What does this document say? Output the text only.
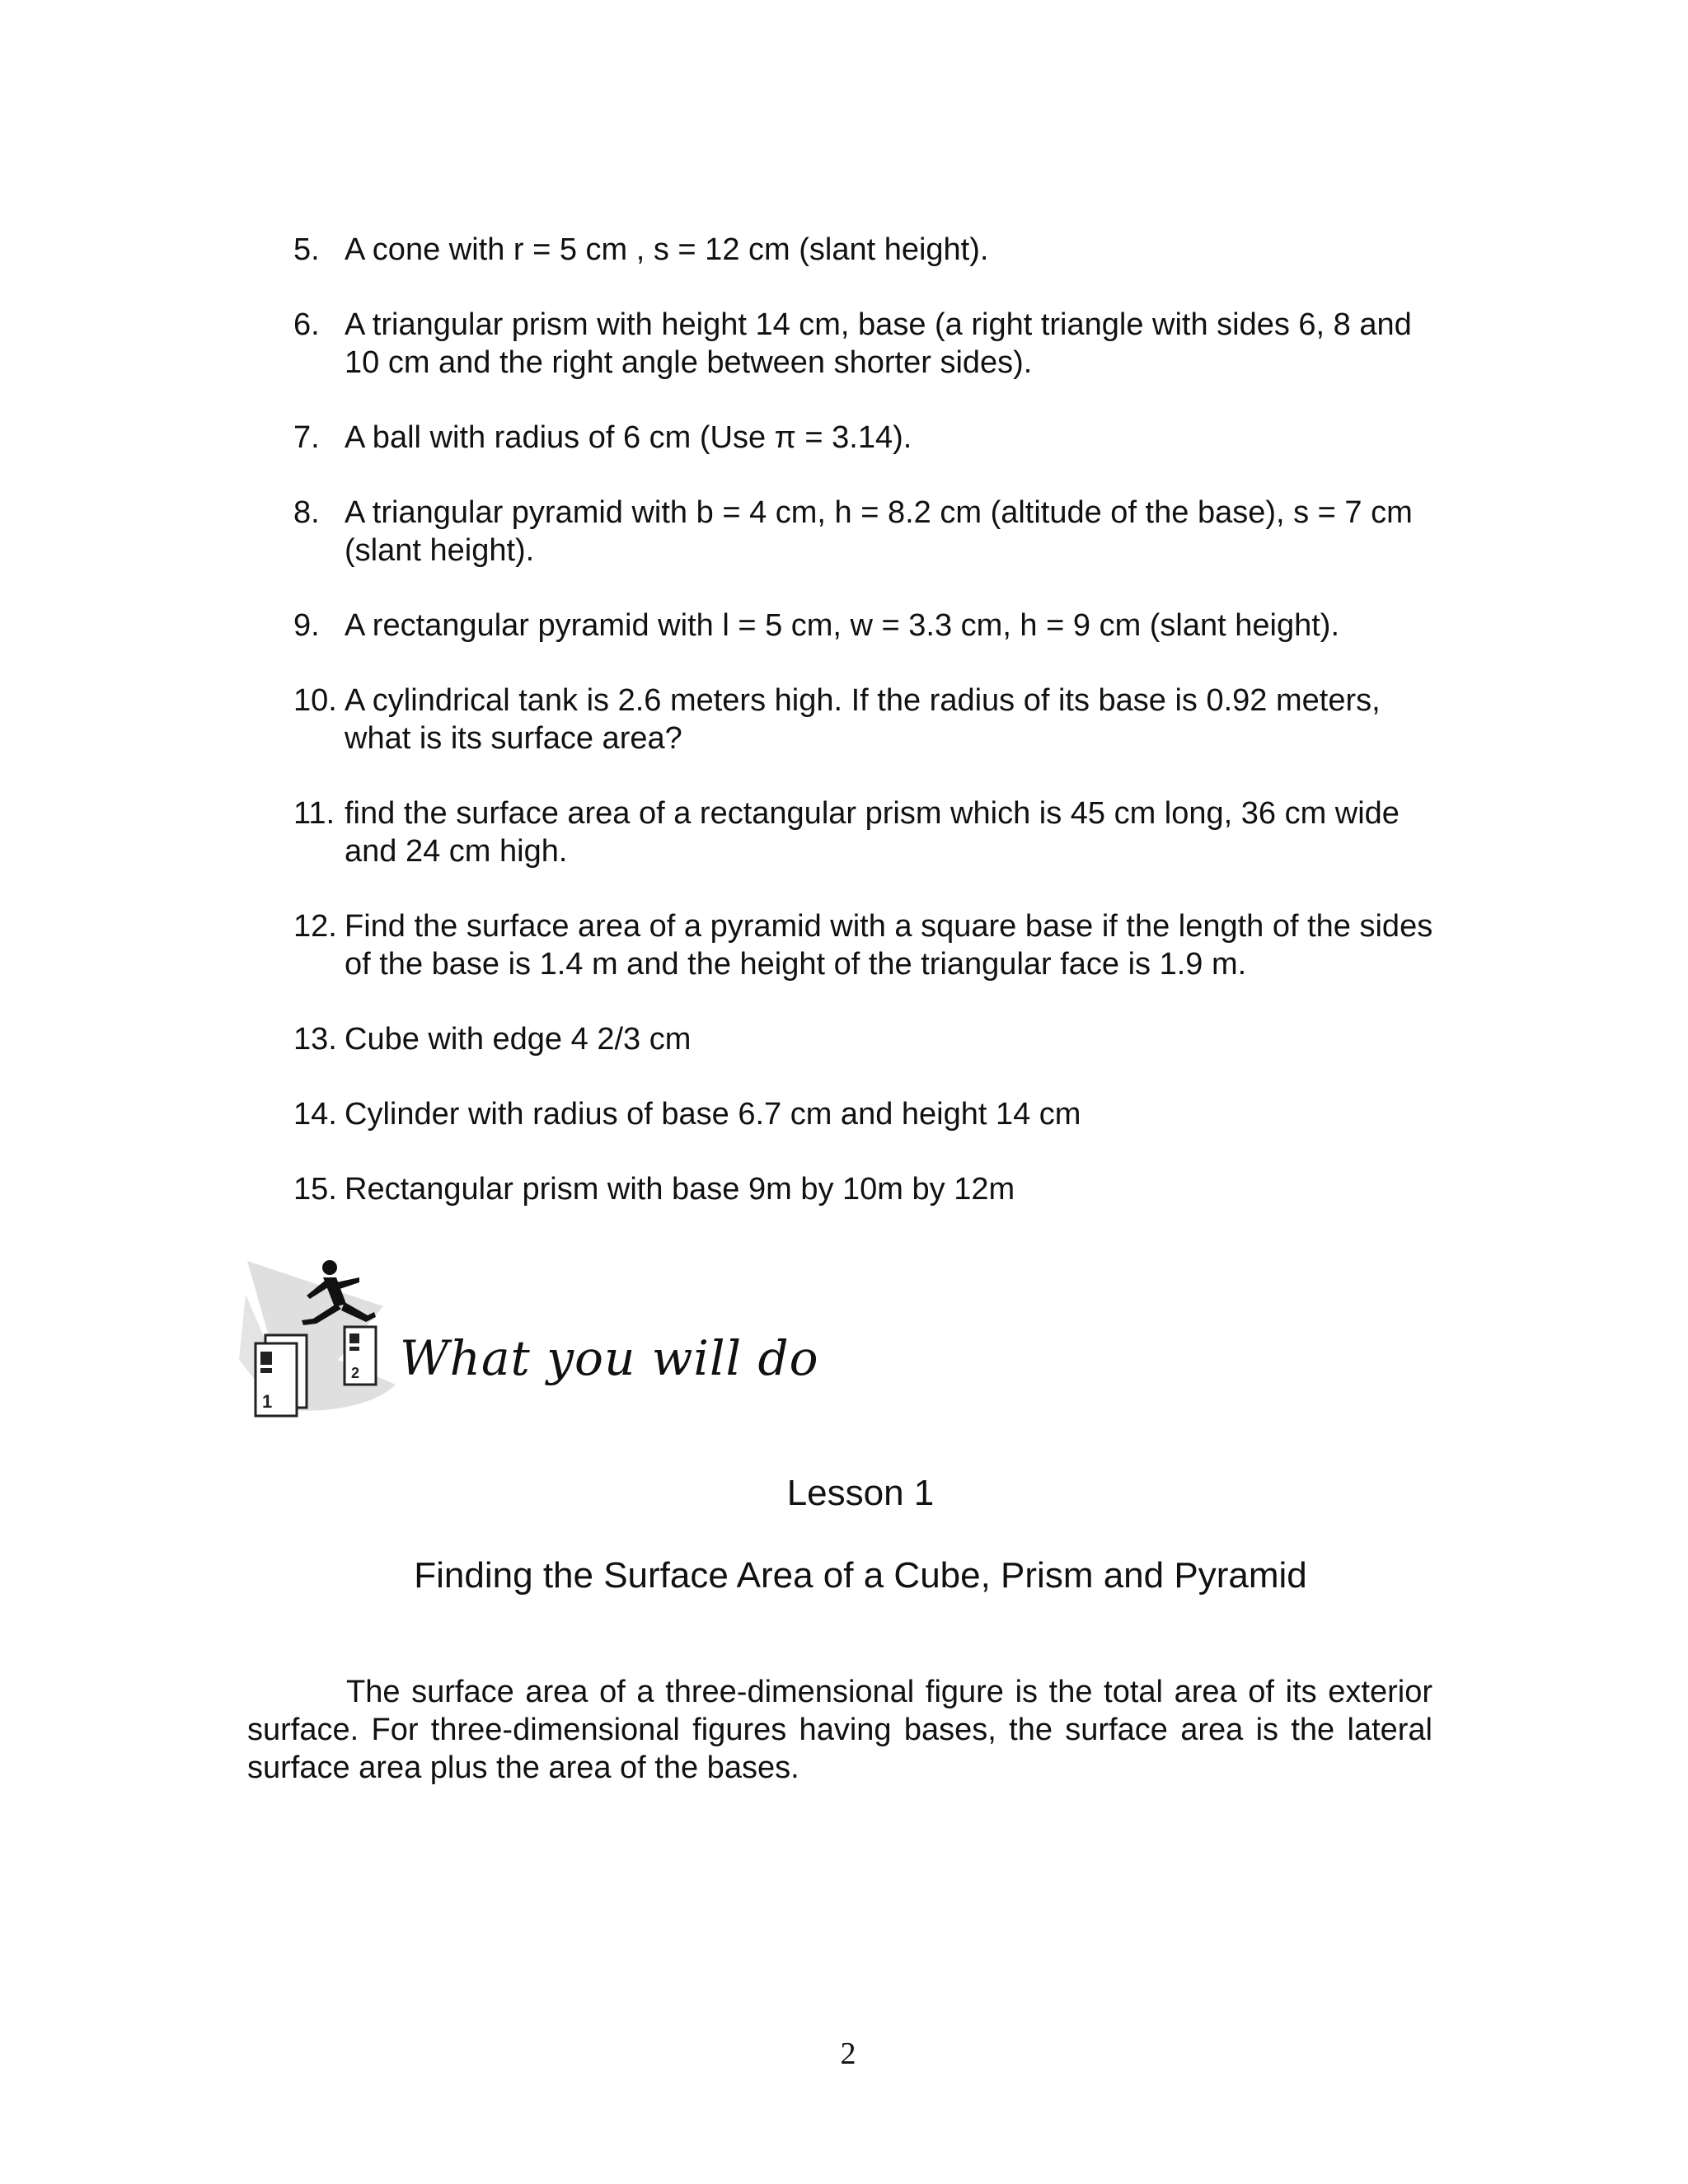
5. A cone with r = 5 cm , s = 12 cm (slant height).
6. A triangular prism with height 14 cm, base (a right triangle with sides 6, 8 and 10 cm and the right angle between shorter sides).
7. A ball with radius of 6 cm (Use π = 3.14).
8. A triangular pyramid with b = 4 cm, h = 8.2 cm (altitude of the base), s = 7 cm (slant height).
9. A rectangular pyramid with l = 5 cm, w = 3.3 cm, h = 9 cm (slant height).
10. A cylindrical tank is 2.6 meters high. If the radius of its base is 0.92 meters, what is its surface area?
11. find the surface area of a rectangular prism which is 45 cm long, 36 cm wide and 24 cm high.
12. Find the surface area of a pyramid with a square base if the length of the sides of the base is 1.4 m and the height of the triangular face is 1.9 m.
13. Cube with edge 4 2/3 cm
14. Cylinder with radius of base 6.7 cm and height 14 cm
15. Rectangular prism with base 9m by 10m by 12m
1
2 What you will do
Lesson 1
Finding the Surface Area of a Cube, Prism and Pyramid

The surface area of a three-dimensional figure is the total area of its exterior surface. For three-dimensional figures having bases, the surface area is the lateral surface area plus the area of the bases.

2
